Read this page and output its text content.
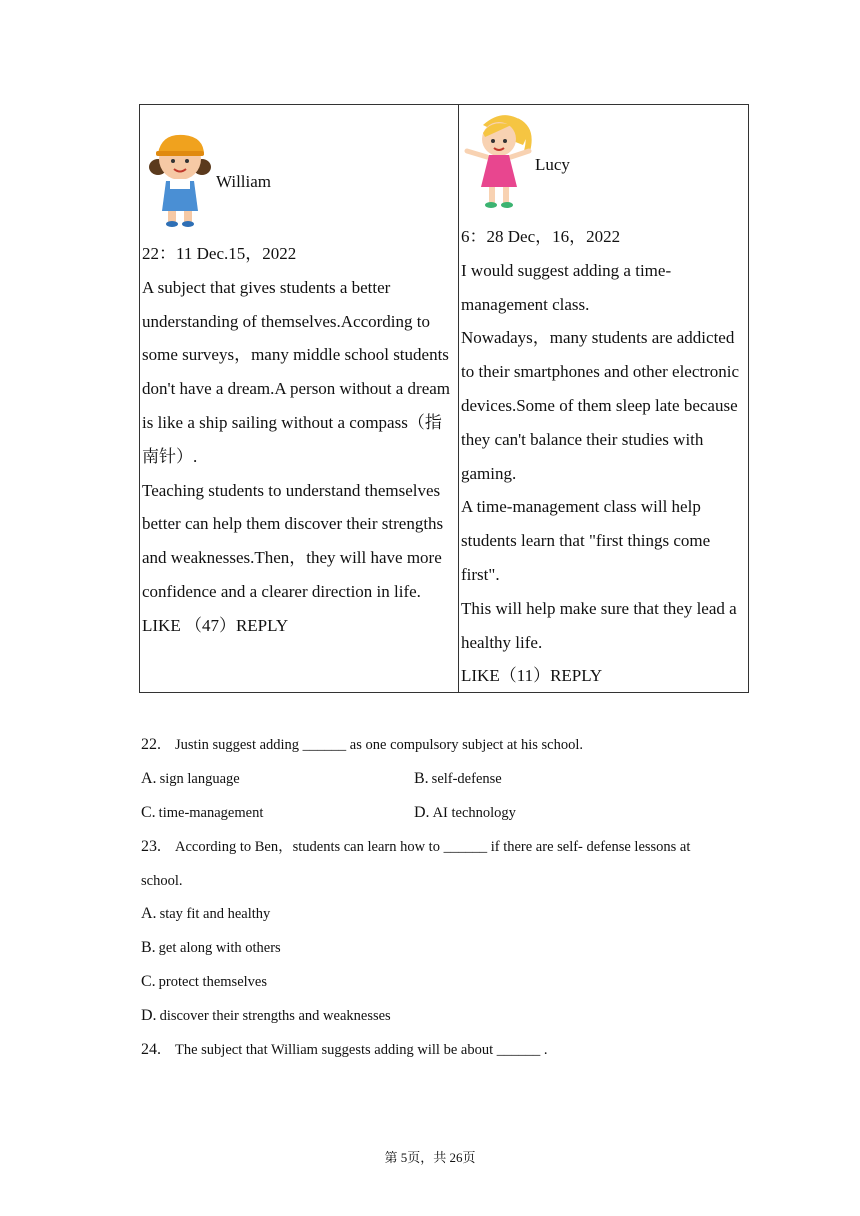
William

22：11 Dec.15，2022

A subject that gives students a better understanding of themselves.According to some surveys，many middle school students don't have a dream.A person without a dream is like a ship sailing without a compass（指南针）.

Teaching students to understand themselves better can help them discover their strengths and weaknesses.Then，they will have more confidence and a clearer direction in life.

LIKE （47）REPLY

Lucy

6：28 Dec，16，2022

I would suggest adding a time-management class.

Nowadays，many students are addicted to their smartphones and other electronic devices.Some of them sleep late because they can't balance their studies with gaming.

A time-management class will help students learn that "first things come first".

This will help make sure that they lead a healthy life.

LIKE（11）REPLY

22. Justin suggest adding ______ as one compulsory subject at his school.
A. sign language	B. self-defense
C. time-management	D. AI technology
23. According to Ben，students can learn how to ______ if there are self- defense lessons at
school.
A. stay fit and healthy
B. get along with others
C. protect themselves
D. discover their strengths and weaknesses
24. The subject that William suggests adding will be about ______ .
第 5页，共 26页
